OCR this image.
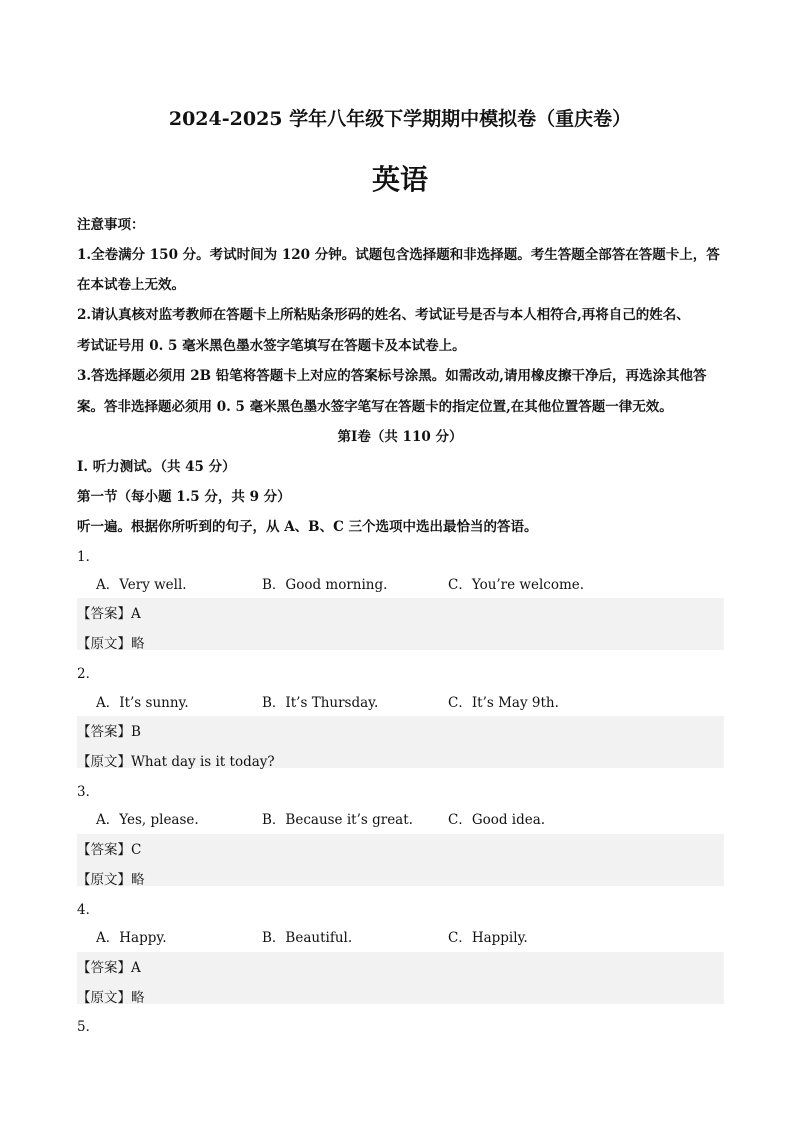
2024-2025 学年八年级下学期期中模拟卷（重庆卷）
英语
注意事项：
1.全卷满分 150 分。考试时间为 120 分钟。试题包含选择题和非选择题。考生答题全部答在答题卡上，答
在本试卷上无效。
2.请认真核对监考教师在答题卡上所粘贴条形码的姓名、考试证号是否与本人相符合,再将自己的姓名、
考试证号用 0. 5 毫米黑色墨水签字笔填写在答题卡及本试卷上。
3.答选择题必须用 2B 铅笔将答题卡上对应的答案标号涂黑。如需改动,请用橡皮擦干净后，再选涂其他答
案。答非选择题必须用 0. 5 毫米黑色墨水签字笔写在答题卡的指定位置,在其他位置答题一律无效。
第Ⅰ卷（共 110 分）
I. 听力测试。（共 45 分）
第一节（每小题 1.5 分，共 9 分）
听一遍。根据你所听到的句子，从 A、B、C 三个选项中选出最恰当的答语。
1．
A．Very well.	B．Good morning.	C．You’re welcome.
【答案】A
【原文】略
2．
A．It’s sunny.	B．It’s Thursday.	C．It’s May 9th.
【答案】B
【原文】What day is it today?
3．
A．Yes, please.	B．Because it’s great.	C．Good idea.
【答案】C
【原文】略
4．
A．Happy.	B．Beautiful.	C．Happily.
【答案】A
【原文】略
5．
